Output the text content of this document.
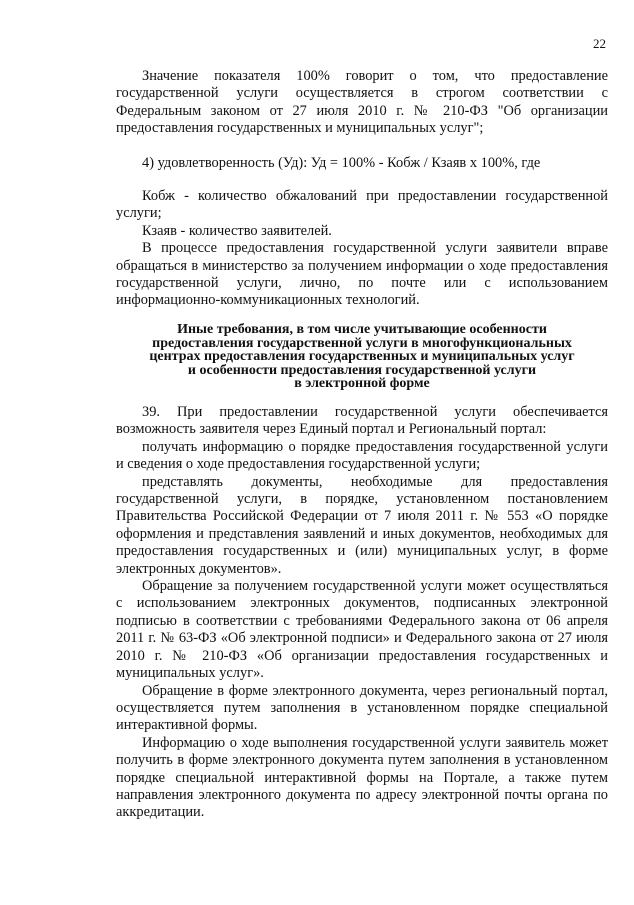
22

Значение показателя 100% говорит о том, что предоставление государственной услуги осуществляется в строгом соответствии с Федеральным законом от 27 июля 2010 г. № 210-ФЗ "Об организации предоставления государственных и муниципальных услуг";

4) удовлетворенность (Уд): Уд = 100% - Кобж / Кзаяв х 100%, где

Кобж - количество обжалований при предоставлении государственной услуги;

Кзаяв - количество заявителей.

В процессе предоставления государственной услуги заявители вправе обращаться в министерство за получением информации о ходе предоставления государственной услуги, лично, по почте или с использованием информационно-коммуникационных технологий.

Иные требования, в том числе учитывающие особенности
предоставления государственной услуги в многофункциональных
центрах предоставления государственных и муниципальных услуг
и особенности предоставления государственной услуги
в электронной форме

39. При предоставлении государственной услуги обеспечивается возможность заявителя через Единый портал и Региональный портал:

получать информацию о порядке предоставления государственной услуги и сведения о ходе предоставления государственной услуги;

представлять документы, необходимые для предоставления государственной услуги, в порядке, установленном постановлением Правительства Российской Федерации от 7 июля 2011 г. № 553 «О порядке оформления и представления заявлений и иных документов, необходимых для предоставления государственных и (или) муниципальных услуг, в форме электронных документов».

Обращение за получением государственной услуги может осуществляться с использованием электронных документов, подписанных электронной подписью в соответствии с требованиями Федерального закона от 06 апреля 2011 г. № 63-ФЗ «Об электронной подписи» и Федерального закона от 27 июля 2010 г. № 210-ФЗ «Об организации предоставления государственных и муниципальных услуг».

Обращение в форме электронного документа, через региональный портал, осуществляется путем заполнения в установленном порядке специальной интерактивной формы.

Информацию о ходе выполнения государственной услуги заявитель может получить в форме электронного документа путем заполнения в установленном порядке специальной интерактивной формы на Портале, а также путем направления электронного документа по адресу электронной почты органа по аккредитации.
